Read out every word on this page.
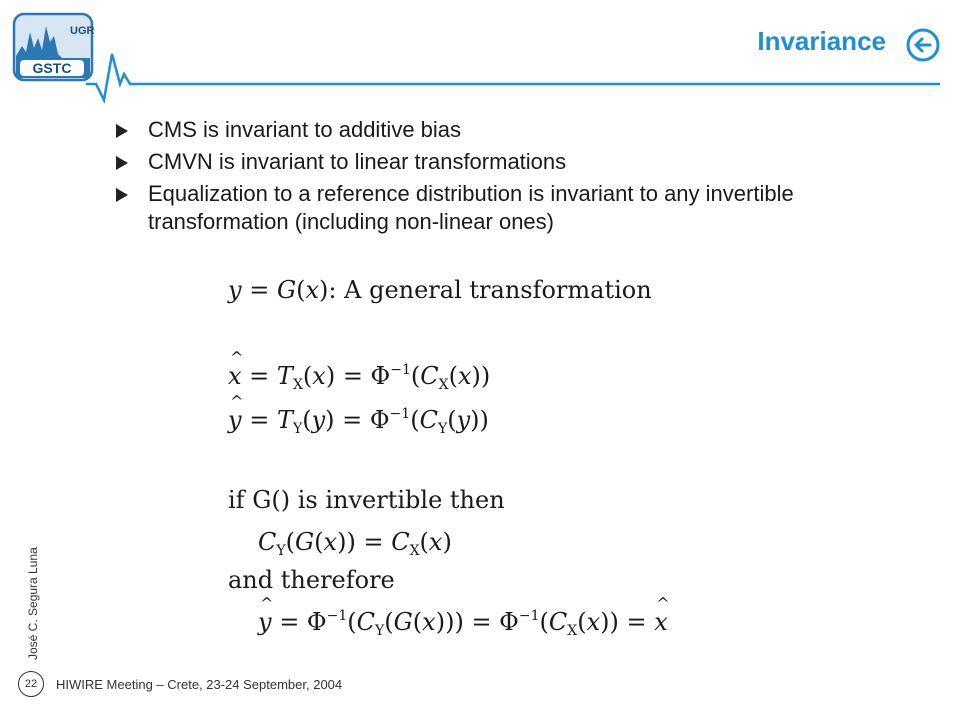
UGR
GSTC
Invariance
CMS is invariant to additive bias
CMVN is invariant to linear transformations
Equalization to a reference distribution is invariant to any invertible transformation (including non-linear ones)
y = G(x): A general transformation
^ $x = T_X(x) = \Phi^{-1}(C_X(x))$
^ $y = T_Y(y) = \Phi^{-1}(C_Y(y))$
if G() is invertible then
$C_Y(G(x)) = C_X(x)$
and therefore
^ $y = \Phi^{-1}(C_Y(G(x))) = \Phi^{-1}(C_X(x))$ = ^ x
José C. Segura Luna
22	HIWIRE Meeting – Crete, 23-24 September, 2004
